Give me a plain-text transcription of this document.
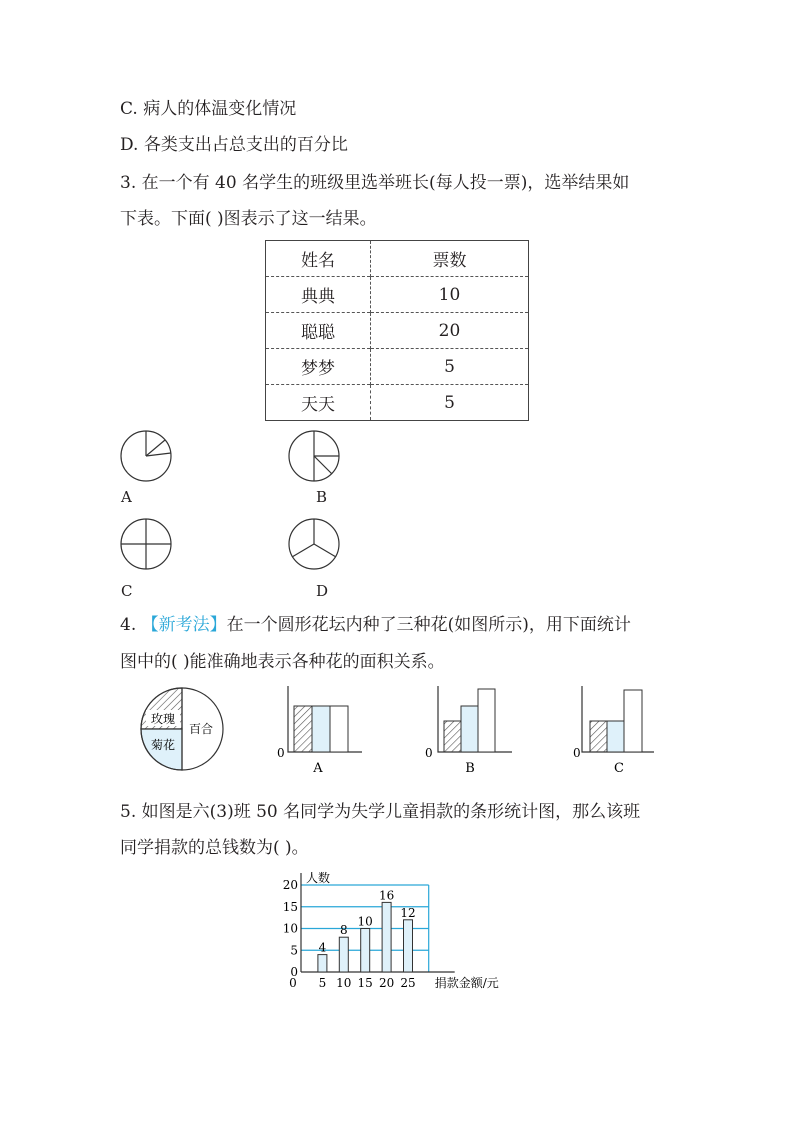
C. 病人的体温变化情况
D. 各类支出占总支出的百分比
3. 在一个有 40 名学生的班级里选举班长(每人投一票)，选举结果如
下表。下面( )图表示了这一结果。
姓名	票数
典典	10
聪聪	20
梦梦	5
天天	5
A	B
C	D
4. 【新考法】在一个圆形花坛内种了三种花(如图所示)，用下面统计
图中的( )能准确地表示各种花的面积关系。
玫瑰
菊花
百合
0
A
0
B
0
C
5. 如图是六(3)班 50 名同学为失学儿童捐款的条形统计图，那么该班
同学捐款的总钱数为( )。
0
5
10
15
20 人数
4
5
8
10
10
15
16
20
12
25
0	捐款金额/元
